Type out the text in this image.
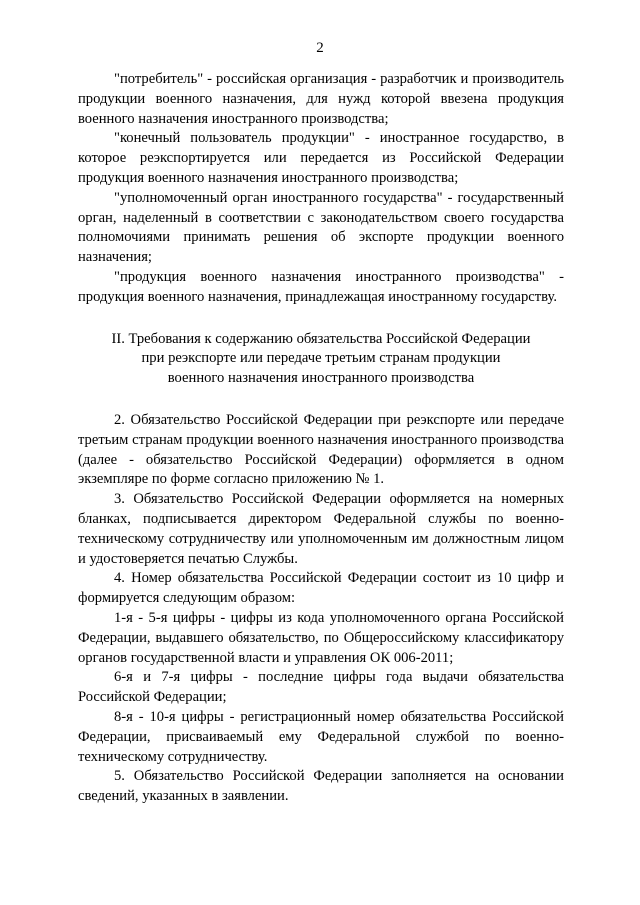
2

"потребитель" - российская организация - разработчик и производитель продукции военного назначения, для нужд которой ввезена продукция военного назначения иностранного производства;

"конечный пользователь продукции" - иностранное государство, в которое реэкспортируется или передается из Российской Федерации продукция военного назначения иностранного производства;

"уполномоченный орган иностранного государства" - государственный орган, наделенный в соответствии с законодательством своего государства полномочиями принимать решения об экспорте продукции военного назначения;

"продукция военного назначения иностранного производства" - продукция военного назначения, принадлежащая иностранному государству.

II. Требования к содержанию обязательства Российской Федерации
при реэкспорте или передаче третьим странам продукции
военного назначения иностранного производства

2. Обязательство Российской Федерации при реэкспорте или передаче третьим странам продукции военного назначения иностранного производства (далее - обязательство Российской Федерации) оформляется в одном экземпляре по форме согласно приложению № 1.

3. Обязательство Российской Федерации оформляется на номерных бланках, подписывается директором Федеральной службы по военно-техническому сотрудничеству или уполномоченным им должностным лицом и удостоверяется печатью Службы.

4. Номер обязательства Российской Федерации состоит из 10 цифр и формируется следующим образом:

1-я - 5-я цифры - цифры из кода уполномоченного органа Российской Федерации, выдавшего обязательство, по Общероссийскому классификатору органов государственной власти и управления ОК 006-2011;

6-я и 7-я цифры - последние цифры года выдачи обязательства Российской Федерации;

8-я - 10-я цифры - регистрационный номер обязательства Российской Федерации, присваиваемый ему Федеральной службой по военно-техническому сотрудничеству.

5. Обязательство Российской Федерации заполняется на основании сведений, указанных в заявлении.
